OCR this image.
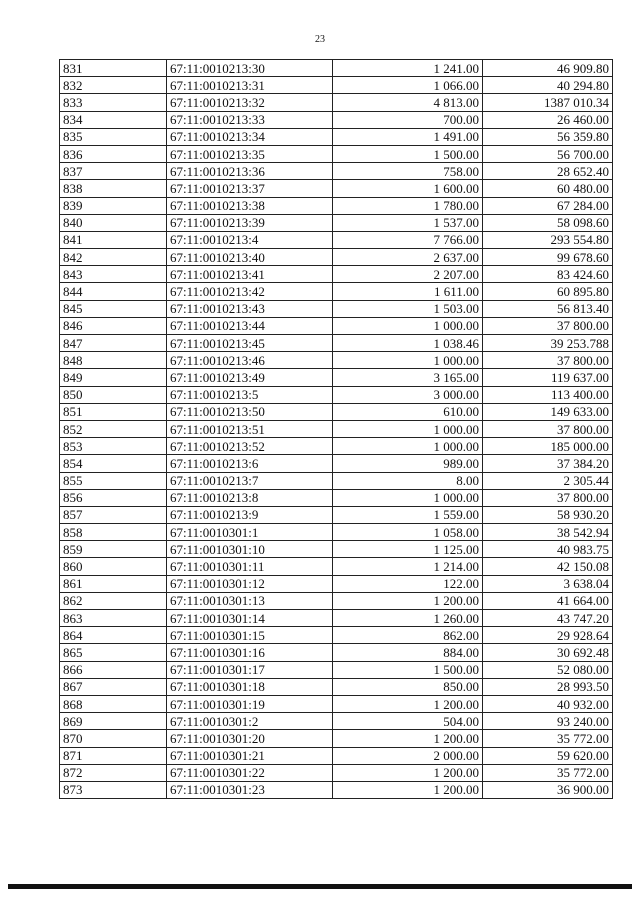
23
831	67:11:0010213:30	1 241.00	46 909.80
832	67:11:0010213:31	1 066.00	40 294.80
833	67:11:0010213:32	4 813.00	1387 010.34
834	67:11:0010213:33	700.00	26 460.00
835	67:11:0010213:34	1 491.00	56 359.80
836	67:11:0010213:35	1 500.00	56 700.00
837	67:11:0010213:36	758.00	28 652.40
838	67:11:0010213:37	1 600.00	60 480.00
839	67:11:0010213:38	1 780.00	67 284.00
840	67:11:0010213:39	1 537.00	58 098.60
841	67:11:0010213:4	7 766.00	293 554.80
842	67:11:0010213:40	2 637.00	99 678.60
843	67:11:0010213:41	2 207.00	83 424.60
844	67:11:0010213:42	1 611.00	60 895.80
845	67:11:0010213:43	1 503.00	56 813.40
846	67:11:0010213:44	1 000.00	37 800.00
847	67:11:0010213:45	1 038.46	39 253.788
848	67:11:0010213:46	1 000.00	37 800.00
849	67:11:0010213:49	3 165.00	119 637.00
850	67:11:0010213:5	3 000.00	113 400.00
851	67:11:0010213:50	610.00	149 633.00
852	67:11:0010213:51	1 000.00	37 800.00
853	67:11:0010213:52	1 000.00	185 000.00
854	67:11:0010213:6	989.00	37 384.20
855	67:11:0010213:7	8.00	2 305.44
856	67:11:0010213:8	1 000.00	37 800.00
857	67:11:0010213:9	1 559.00	58 930.20
858	67:11:0010301:1	1 058.00	38 542.94
859	67:11:0010301:10	1 125.00	40 983.75
860	67:11:0010301:11	1 214.00	42 150.08
861	67:11:0010301:12	122.00	3 638.04
862	67:11:0010301:13	1 200.00	41 664.00
863	67:11:0010301:14	1 260.00	43 747.20
864	67:11:0010301:15	862.00	29 928.64
865	67:11:0010301:16	884.00	30 692.48
866	67:11:0010301:17	1 500.00	52 080.00
867	67:11:0010301:18	850.00	28 993.50
868	67:11:0010301:19	1 200.00	40 932.00
869	67:11:0010301:2	504.00	93 240.00
870	67:11:0010301:20	1 200.00	35 772.00
871	67:11:0010301:21	2 000.00	59 620.00
872	67:11:0010301:22	1 200.00	35 772.00
873	67:11:0010301:23	1 200.00	36 900.00
